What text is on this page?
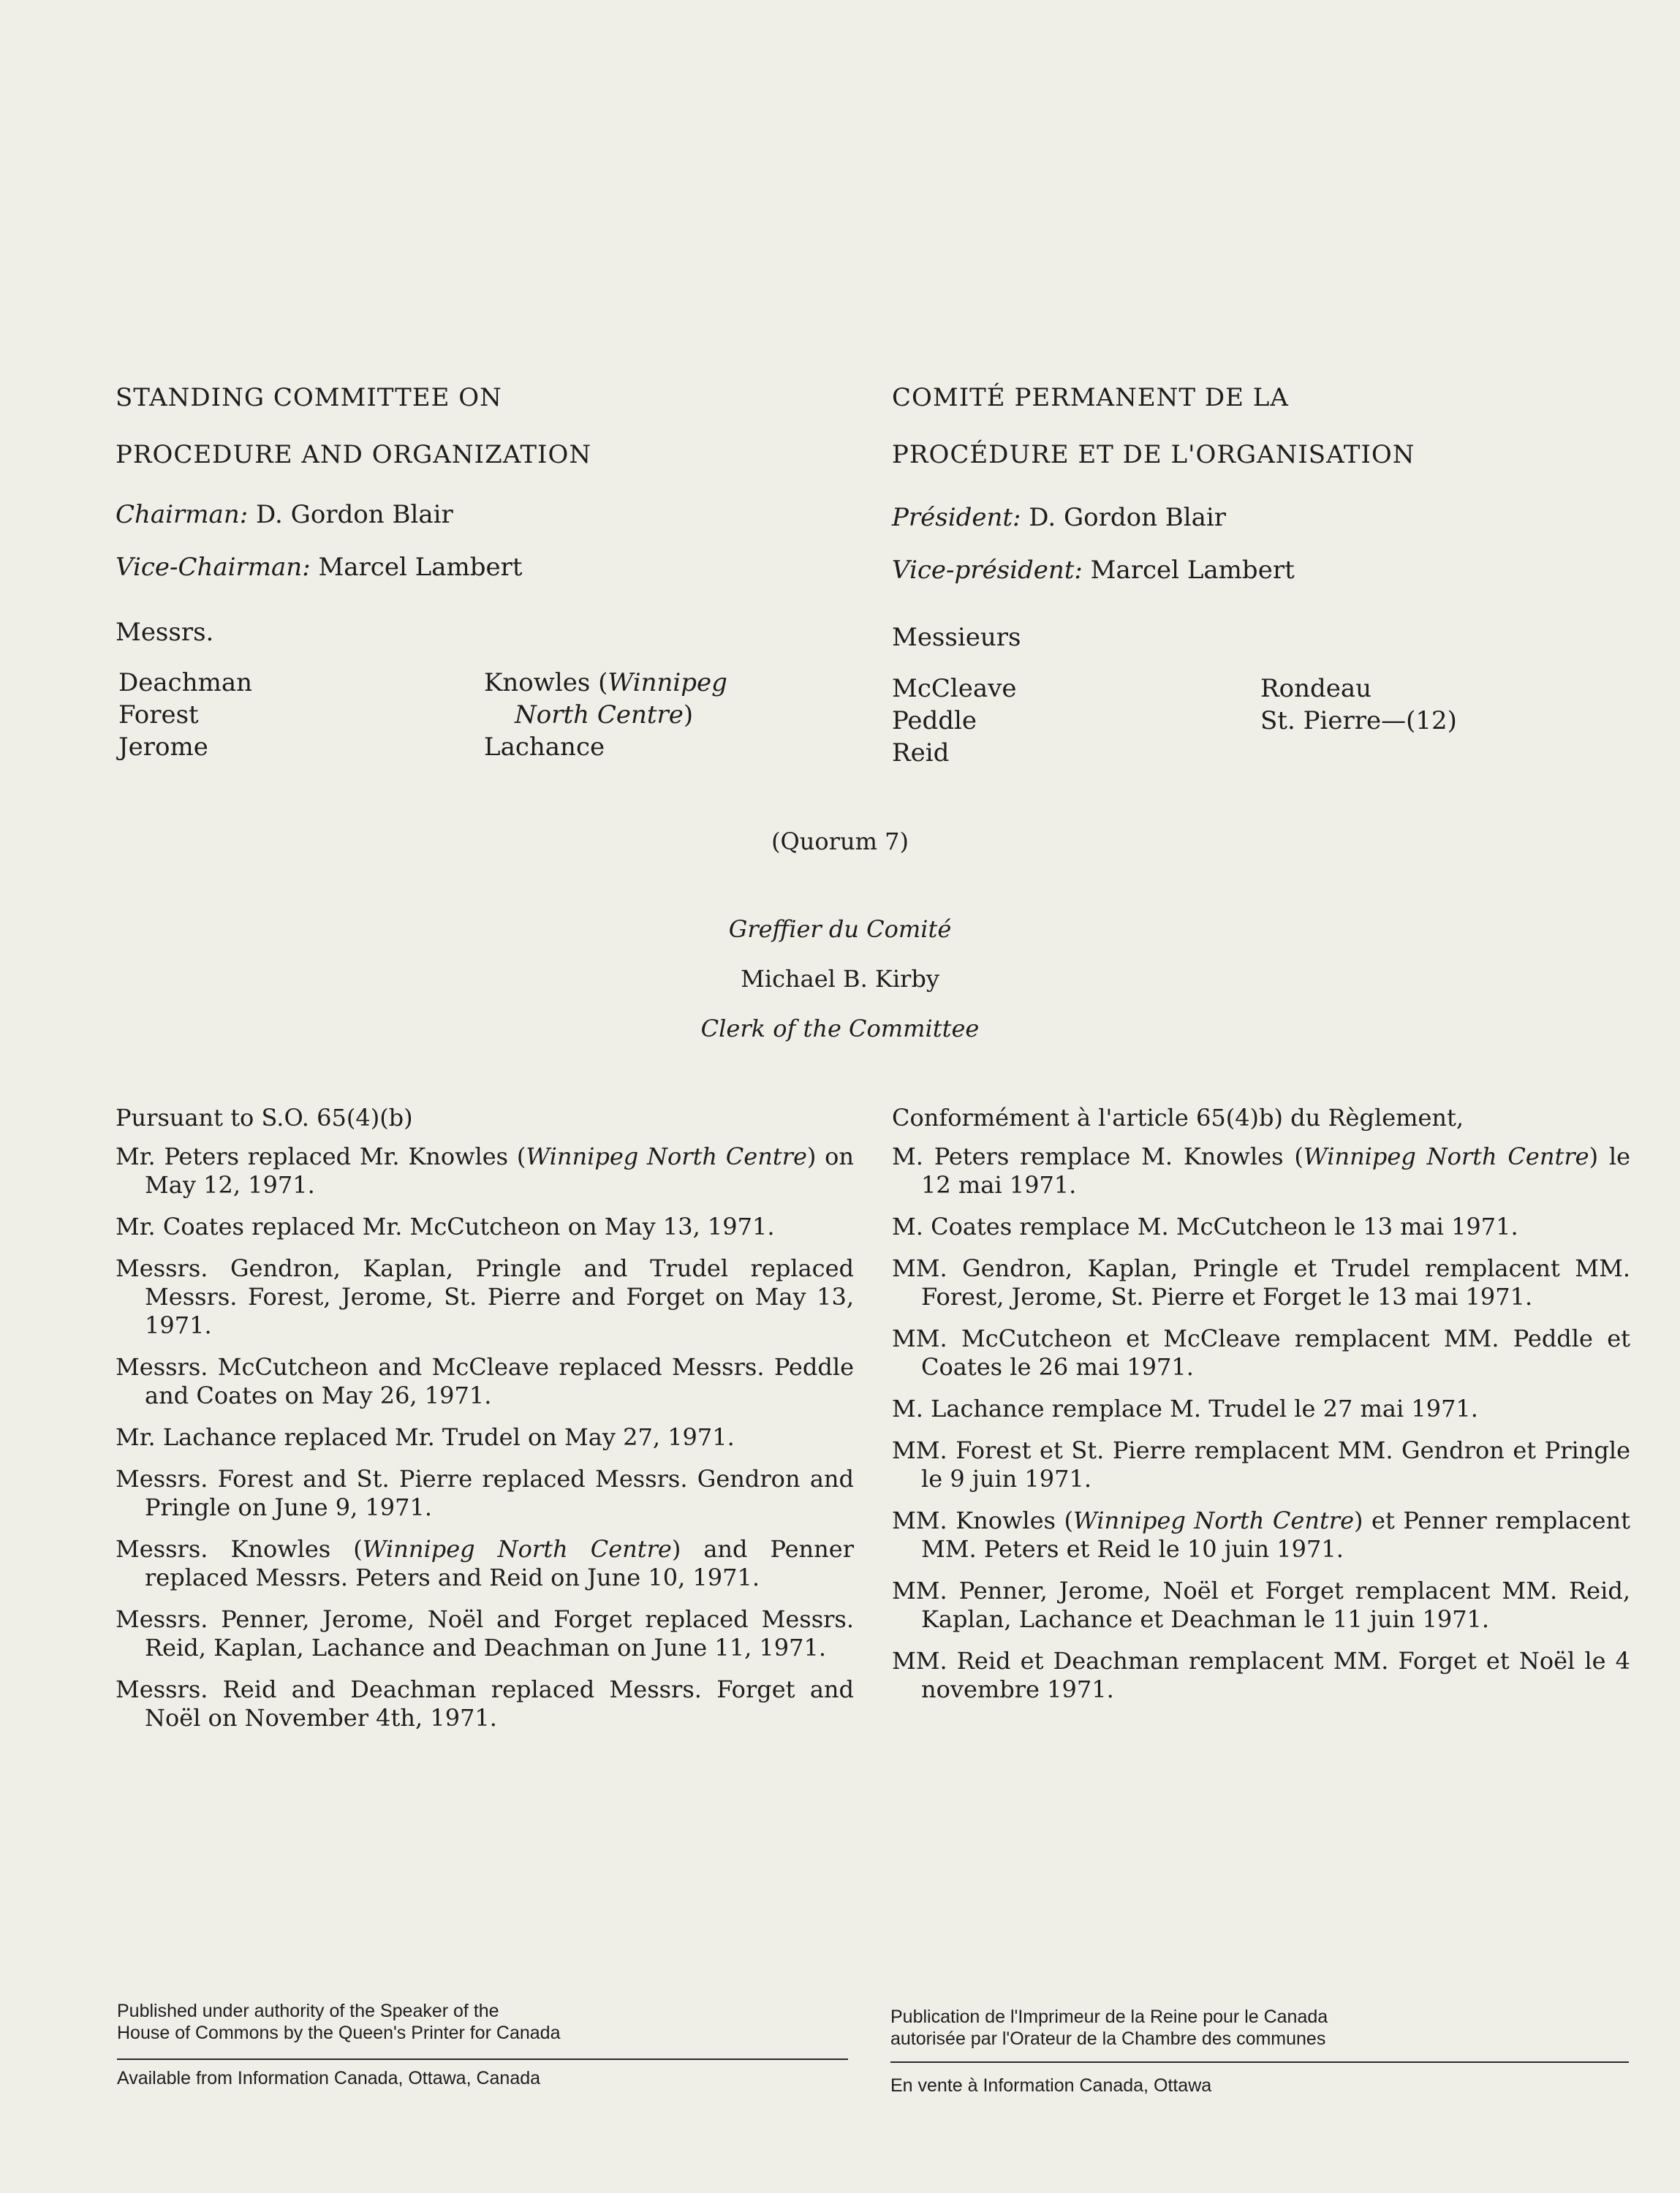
STANDING COMMITTEE ON

PROCEDURE AND ORGANIZATION

Chairman: D. Gordon Blair
Vice-Chairman: Marcel Lambert
Messrs.
Deachman
Forest
Jerome
Knowles (Winnipeg
North Centre)
Lachance

COMITÉ PERMANENT DE LA

PROCÉDURE ET DE L'ORGANISATION

Président: D. Gordon Blair
Vice-président: Marcel Lambert
Messieurs
McCleave
Peddle
Reid
Rondeau
St. Pierre—(12)
(Quorum 7)
Greffier du Comité
Michael B. Kirby
Clerk of the Committee

Pursuant to S.O. 65(4)(b)

Mr. Peters replaced Mr. Knowles (Winnipeg North Centre) on May 12, 1971.

Mr. Coates replaced Mr. McCutcheon on May 13, 1971.

Messrs. Gendron, Kaplan, Pringle and Trudel replaced Messrs. Forest, Jerome, St. Pierre and Forget on May 13, 1971.

Messrs. McCutcheon and McCleave replaced Messrs. Peddle and Coates on May 26, 1971.

Mr. Lachance replaced Mr. Trudel on May 27, 1971.

Messrs. Forest and St. Pierre replaced Messrs. Gendron and Pringle on June 9, 1971.

Messrs. Knowles (Winnipeg North Centre) and Penner replaced Messrs. Peters and Reid on June 10, 1971.

Messrs. Penner, Jerome, Noël and Forget replaced Messrs. Reid, Kaplan, Lachance and Deachman on June 11, 1971.

Messrs. Reid and Deachman replaced Messrs. Forget and Noël on November 4th, 1971.

Conformément à l'article 65(4)b) du Règlement,

M. Peters remplace M. Knowles (Winnipeg North Centre) le 12 mai 1971.

M. Coates remplace M. McCutcheon le 13 mai 1971.

MM. Gendron, Kaplan, Pringle et Trudel remplacent MM. Forest, Jerome, St. Pierre et Forget le 13 mai 1971.

MM. McCutcheon et McCleave remplacent MM. Peddle et Coates le 26 mai 1971.

M. Lachance remplace M. Trudel le 27 mai 1971.

MM. Forest et St. Pierre remplacent MM. Gendron et Pringle le 9 juin 1971.

MM. Knowles (Winnipeg North Centre) et Penner remplacent MM. Peters et Reid le 10 juin 1971.

MM. Penner, Jerome, Noël et Forget remplacent MM. Reid, Kaplan, Lachance et Deachman le 11 juin 1971.

MM. Reid et Deachman remplacent MM. Forget et Noël le 4 novembre 1971.

Published under authority of the Speaker of the
House of Commons by the Queen's Printer for Canada
Available from Information Canada, Ottawa, Canada
Publication de l'Imprimeur de la Reine pour le Canada
autorisée par l'Orateur de la Chambre des communes
En vente à Information Canada, Ottawa
